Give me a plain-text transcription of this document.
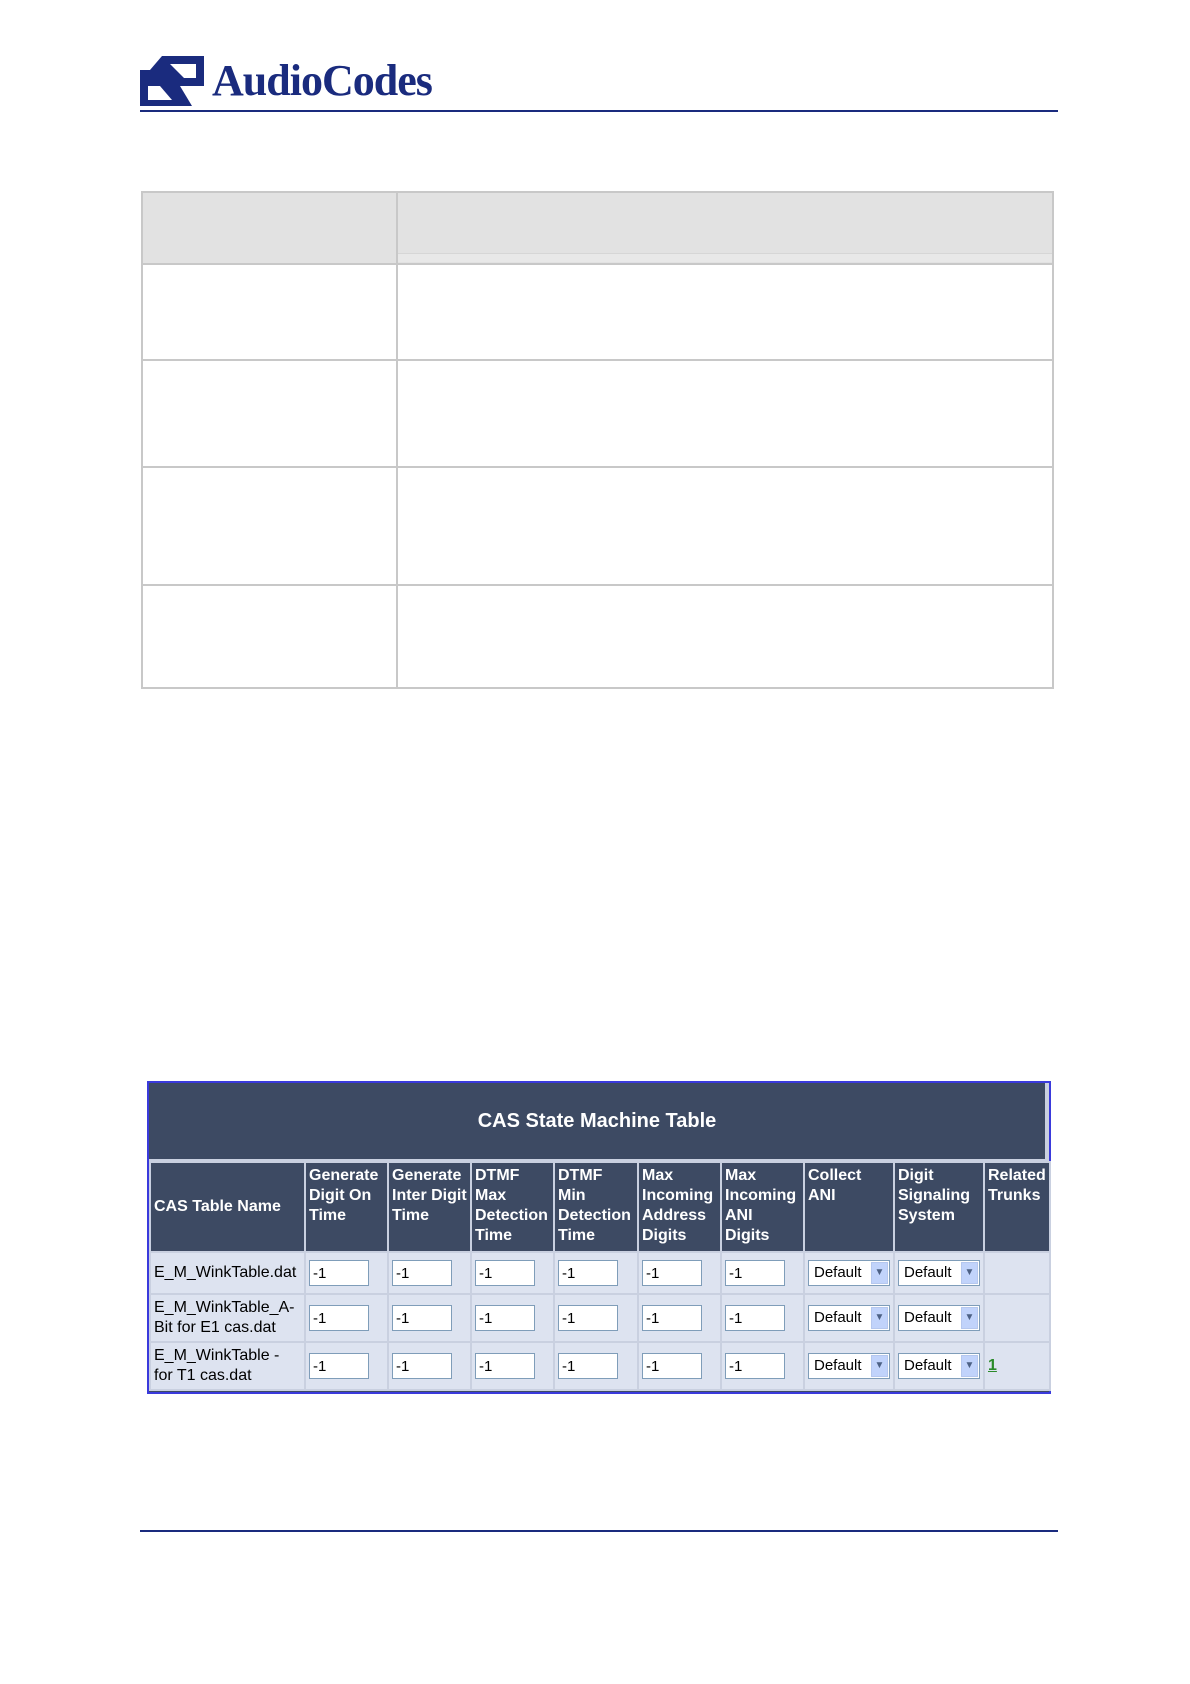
AudioCodes
CAS State Machine Table
CAS Table Name	Generate Digit On Time	Generate Inter Digit Time	DTMF Max Detection Time	DTMF Min Detection Time	Max Incoming Address Digits	Max Incoming ANI Digits	Collect ANI	Digit Signaling System	Related Trunks
E_M_WinkTable.dat	-1	-1	-1	-1	-1	-1	Default ▼	Default ▼	

E_M_WinkTable_A-Bit for E1 cas.dat	-1	-1	-1	-1	-1	-1	Default ▼	Default ▼	

E_M_WinkTable - for T1 cas.dat	-1	-1	-1	-1	-1	-1	Default ▼	Default ▼	1
